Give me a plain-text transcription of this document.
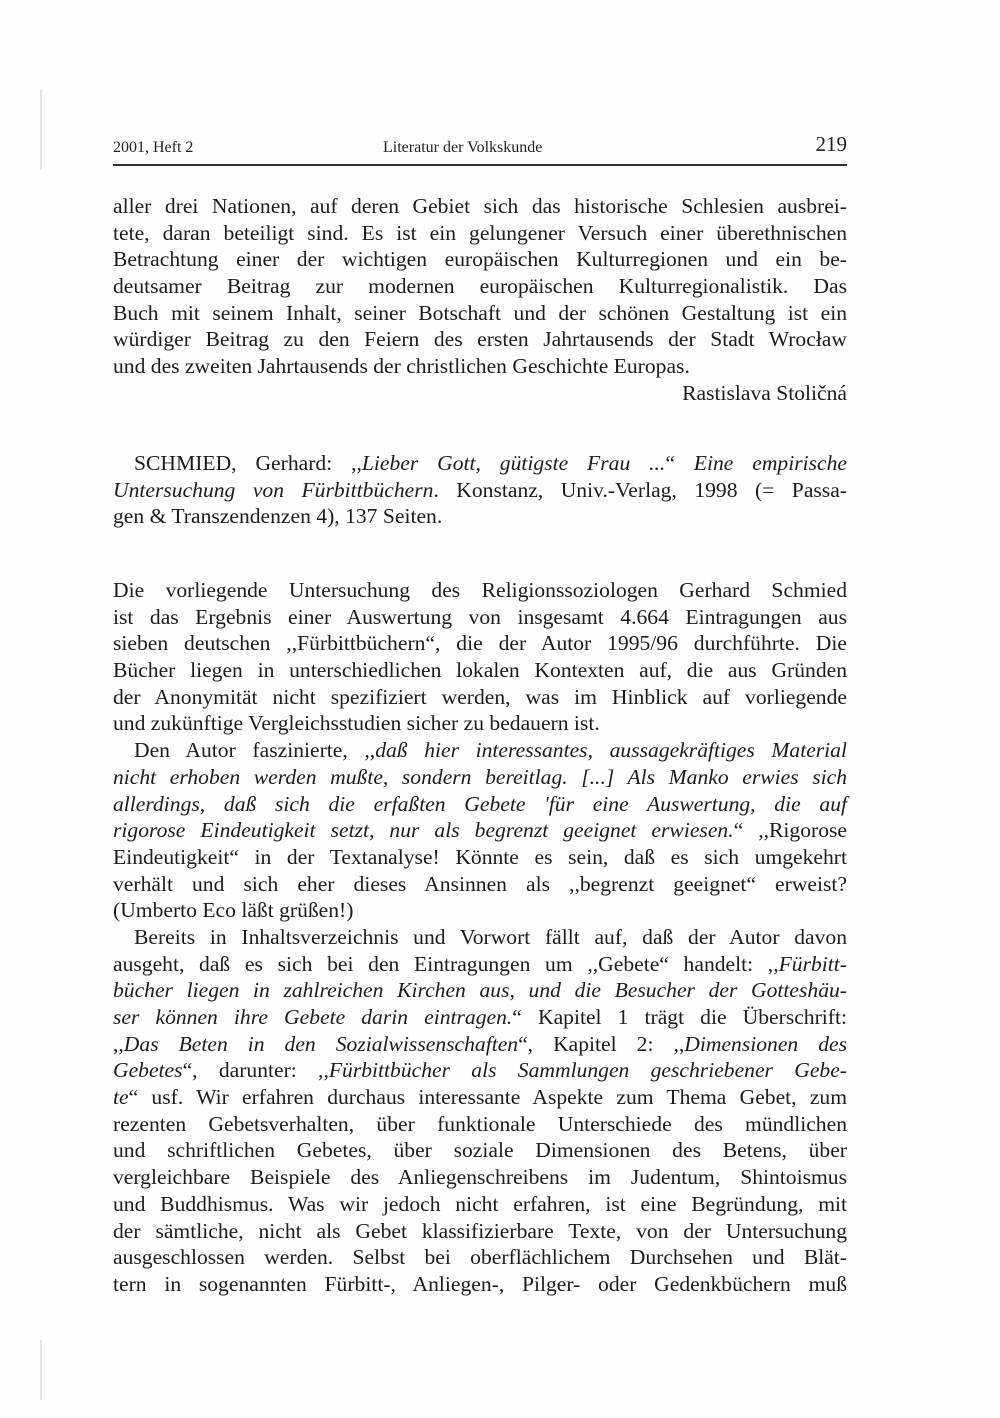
2001, Heft 2	Literatur der Volkskunde	219
aller drei Nationen, auf deren Gebiet sich das historische Schlesien ausbrei-
tete, daran beteiligt sind. Es ist ein gelungener Versuch einer überethnischen
Betrachtung einer der wichtigen europäischen Kulturregionen und ein be-
deutsamer Beitrag zur modernen europäischen Kulturregionalistik. Das
Buch mit seinem Inhalt, seiner Botschaft und der schönen Gestaltung ist ein
würdiger Beitrag zu den Feiern des ersten Jahrtausends der Stadt Wrocław
und des zweiten Jahrtausends der christlichen Geschichte Europas.
Rastislava Stoličná
SCHMIED, Gerhard: ,,Lieber Gott, gütigste Frau ...“ Eine empirische
Untersuchung von Fürbittbüchern. Konstanz, Univ.-Verlag, 1998 (= Passa-
gen & Transzendenzen 4), 137 Seiten.
Die vorliegende Untersuchung des Religionssoziologen Gerhard Schmied
ist das Ergebnis einer Auswertung von insgesamt 4.664 Eintragungen aus
sieben deutschen ,,Fürbittbüchern“, die der Autor 1995/96 durchführte. Die
Bücher liegen in unterschiedlichen lokalen Kontexten auf, die aus Gründen
der Anonymität nicht spezifiziert werden, was im Hinblick auf vorliegende
und zukünftige Vergleichsstudien sicher zu bedauern ist.
Den Autor faszinierte, ,,daß hier interessantes, aussagekräftiges Material
nicht erhoben werden mußte, sondern bereitlag. [...] Als Manko erwies sich
allerdings, daß sich die erfaßten Gebete 'für eine Auswertung, die auf
rigorose Eindeutigkeit setzt, nur als begrenzt geeignet erwiesen.“ ,,Rigorose
Eindeutigkeit“ in der Textanalyse! Könnte es sein, daß es sich umgekehrt
verhält und sich eher dieses Ansinnen als ,,begrenzt geeignet“ erweist?
(Umberto Eco läßt grüßen!)
Bereits in Inhaltsverzeichnis und Vorwort fällt auf, daß der Autor davon
ausgeht, daß es sich bei den Eintragungen um ,,Gebete“ handelt: ,,Fürbitt-
bücher liegen in zahlreichen Kirchen aus, und die Besucher der Gotteshäu-
ser können ihre Gebete darin eintragen.“ Kapitel 1 trägt die Überschrift:
,,Das Beten in den Sozialwissenschaften“, Kapitel 2: ,,Dimensionen des
Gebetes“, darunter: ,,Fürbittbücher als Sammlungen geschriebener Gebe-
te“ usf. Wir erfahren durchaus interessante Aspekte zum Thema Gebet, zum
rezenten Gebetsverhalten, über funktionale Unterschiede des mündlichen
und schriftlichen Gebetes, über soziale Dimensionen des Betens, über
vergleichbare Beispiele des Anliegenschreibens im Judentum, Shintoismus
und Buddhismus. Was wir jedoch nicht erfahren, ist eine Begründung, mit
der sämtliche, nicht als Gebet klassifizierbare Texte, von der Untersuchung
ausgeschlossen werden. Selbst bei oberflächlichem Durchsehen und Blät-
tern in sogenannten Fürbitt-, Anliegen-, Pilger- oder Gedenkbüchern muß
